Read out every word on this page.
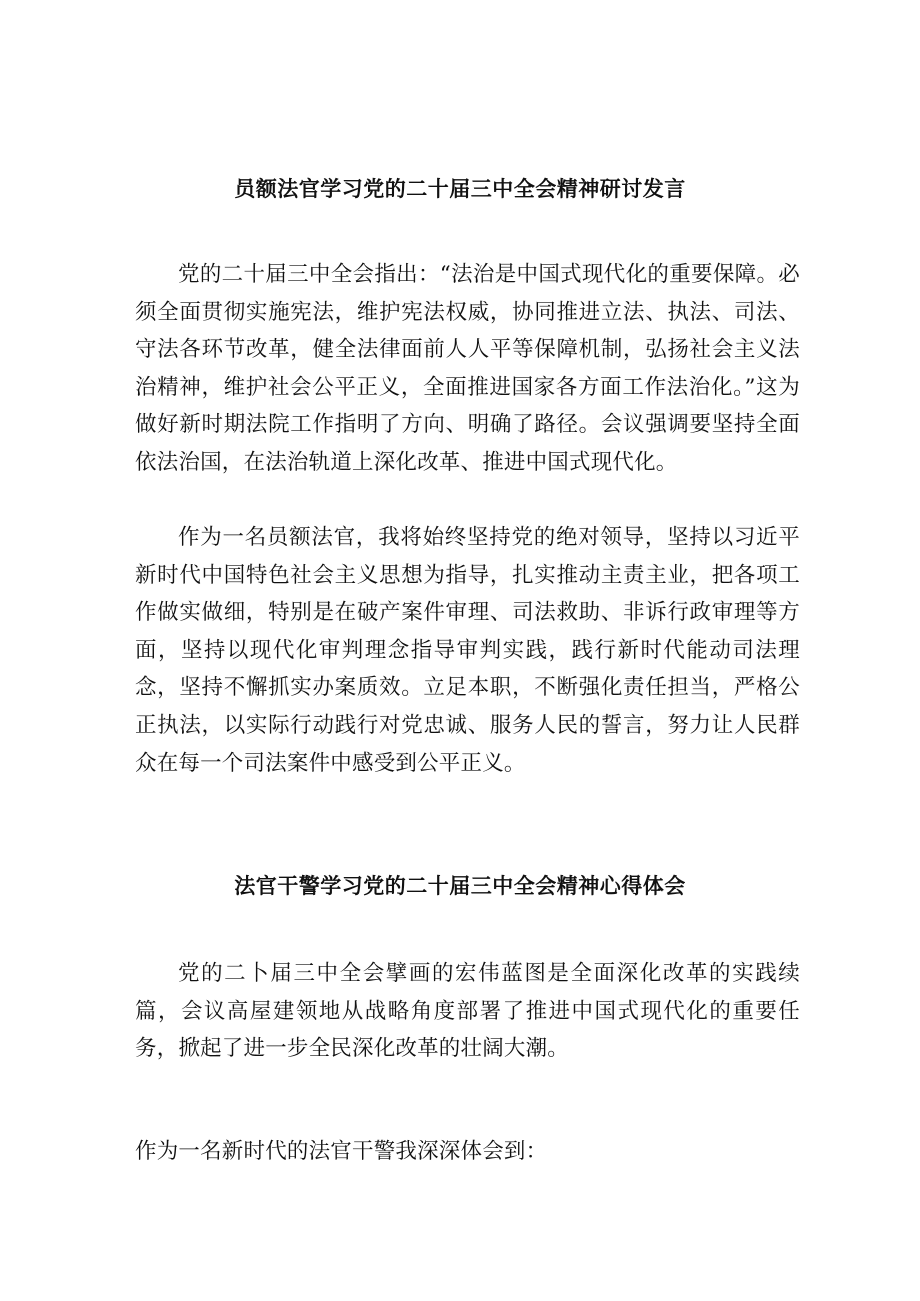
员额法官学习党的二十届三中全会精神研讨发言

党的二十届三中全会指出：“法治是中国式现代化的重要保障。必须全面贯彻实施宪法，维护宪法权威，协同推进立法、执法、司法、守法各环节改革，健全法律面前人人平等保障机制，弘扬社会主义法治精神，维护社会公平正义，全面推进国家各方面工作法治化。”这为做好新时期法院工作指明了方向、明确了路径。会议强调要坚持全面依法治国，在法治轨道上深化改革、推进中国式现代化。

作为一名员额法官，我将始终坚持党的绝对领导，坚持以习近平新时代中国特色社会主义思想为指导，扎实推动主责主业，把各项工作做实做细，特别是在破产案件审理、司法救助、非诉行政审理等方面，坚持以现代化审判理念指导审判实践，践行新时代能动司法理念，坚持不懈抓实办案质效。立足本职，不断强化责任担当，严格公正执法，以实际行动践行对党忠诚、服务人民的誓言，努力让人民群众在每一个司法案件中感受到公平正义。

法官干警学习党的二十届三中全会精神心得体会

党的二卜届三中全会擘画的宏伟蓝图是全面深化改革的实践续篇，会议高屋建领地从战略角度部署了推进中国式现代化的重要任务，掀起了进一步全民深化改革的壮阔大潮。

作为一名新时代的法官干警我深深体会到：
